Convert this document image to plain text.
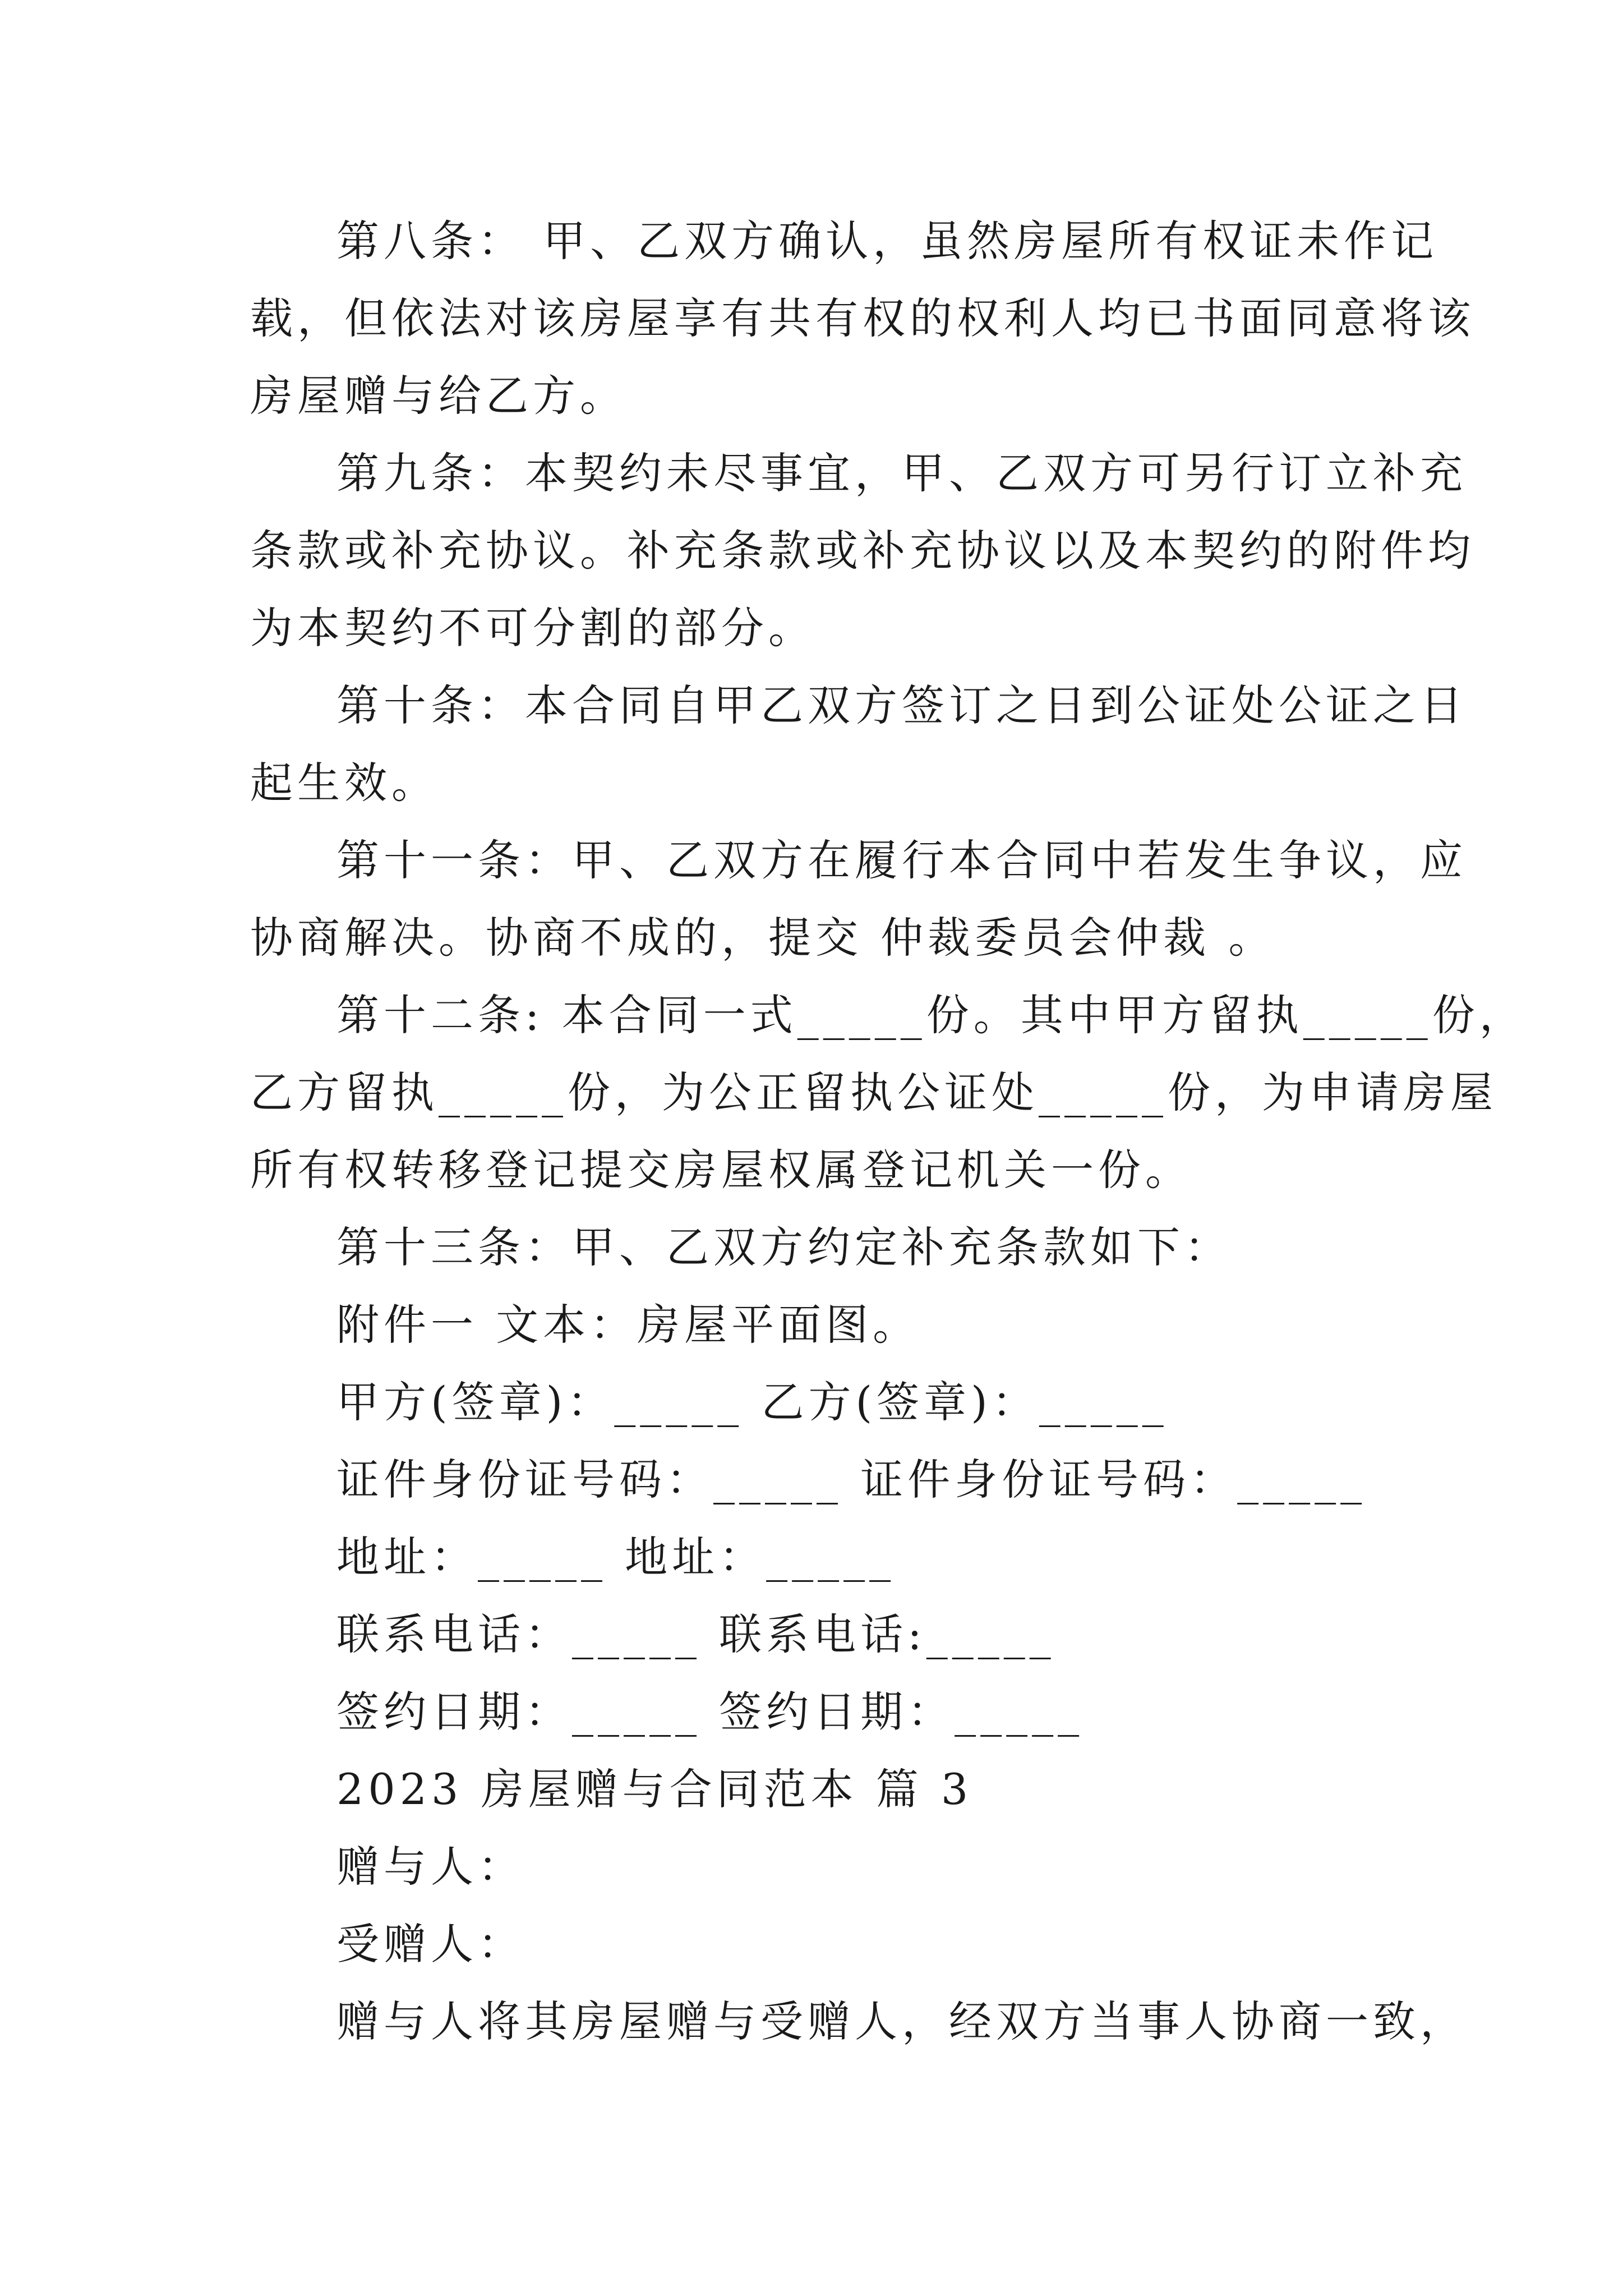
第八条： 甲、乙双方确认，虽然房屋所有权证未作记
载，但依法对该房屋享有共有权的权利人均已书面同意将该
房屋赠与给乙方。
第九条：本契约未尽事宜，甲、乙双方可另行订立补充
条款或补充协议。补充条款或补充协议以及本契约的附件均
为本契约不可分割的部分。
第十条：本合同自甲乙双方签订之日到公证处公证之日
起生效。
第十一条：甲、乙双方在履行本合同中若发生争议，应
协商解决。协商不成的，提交 仲裁委员会仲裁 。
第十二条: 本合同一式_____份。其中甲方留执_____份，
乙方留执_____份，为公正留执公证处_____份，为申请房屋
所有权转移登记提交房屋权属登记机关一份。
第十三条：甲、乙双方约定补充条款如下：
附件一 文本：房屋平面图。
甲方(签章)：_____ 乙方(签章)：_____
证件身份证号码：_____ 证件身份证号码：_____
地址：_____ 地址：_____
联系电话：_____ 联系电话:_____
签约日期：_____ 签约日期：_____
2023 房屋赠与合同范本 篇 3
赠与人：
受赠人：
赠与人将其房屋赠与受赠人，经双方当事人协商一致，
